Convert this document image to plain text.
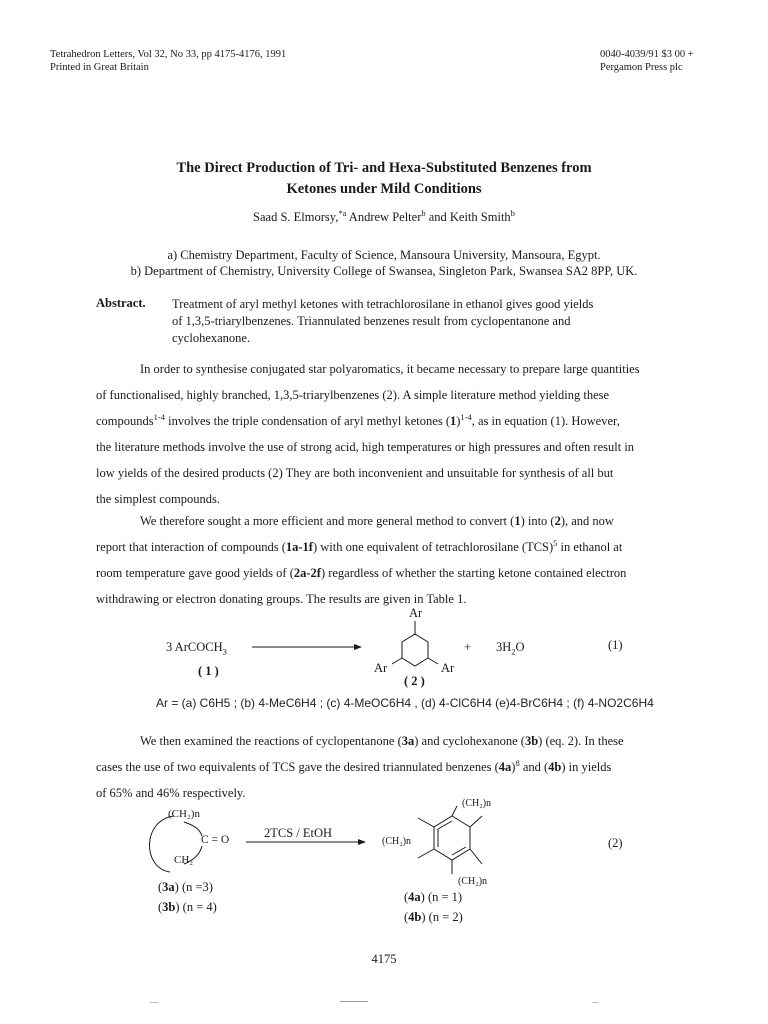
Tetrahedron Letters, Vol 32, No 33, pp 4175-4176, 1991
Printed in Great Britain
0040-4039/91 $3 00 +
Pergamon Press plc
The Direct Production of Tri- and Hexa-Substituted Benzenes from
Ketones under Mild Conditions
Saad S. Elmorsy,$^{*a}$ Andrew Pelter$^b$ and Keith Smith$^b$
a) Chemistry Department, Faculty of Science, Mansoura University, Mansoura, Egypt.
b) Department of Chemistry, University College of Swansea, Singleton Park, Swansea SA2 8PP, UK.
Abstract. Treatment of aryl methyl ketones with tetrachlorosilane in ethanol gives good yields
of 1,3,5-triarylbenzenes. Triannulated benzenes result from cyclopentanone and
cyclohexanone.
In order to synthesise conjugated star polyaromatics, it became necessary to prepare large quantities
of functionalised, highly branched, 1,3,5-triarylbenzenes (2). A simple literature method yielding these
compounds$^{1-4}$ involves the triple condensation of aryl methyl ketones $(1)^{1-4}$, as in equation (1). However,
the literature methods involve the use of strong acid, high temperatures or high pressures and often result in
low yields of the desired products (2) They are both inconvenient and unsuitable for synthesis of all but
the simplest compounds.
We therefore sought a more efficient and more general method to convert (1) into (2), and now
report that interaction of compounds (1a-1f) with one equivalent of tetrachlorosilane (TCS)$^5$ in ethanol at
room temperature gave good yields of (2a-2f) regardless of whether the starting ketone contained electron
withdrawing or electron donating groups. The results are given in Table 1.
3 ArCOCH$_3$
( 1 )
Ar
Ar	Ar
( 2 )
+ $3H_2O$	(1)
Ar = (a) C6H5 ; (b) 4-MeC6H4 ; (c) 4-MeOC6H4 , (d) 4-ClC6H4 (e)4-BrC6H4 ; (f) 4-NO2C6H4
We then examined the reactions of cyclopentanone (3a) and cyclohexanone (3b) (eq. 2). In these
cases the use of two equivalents of TCS gave the desired triannulated benzenes $(4a)^8$ and (4b) in yields
of 65% and 46% respectively.
(CH₂)n
C = O
CH₂
2TCS / EtOH
(CH₂)n
(CH₂)n
(CH₂)n
(2)
(3a) (n =3)
(3b) (n = 4)
(4a) (n = 1)
(4b) (n = 2)
4175
